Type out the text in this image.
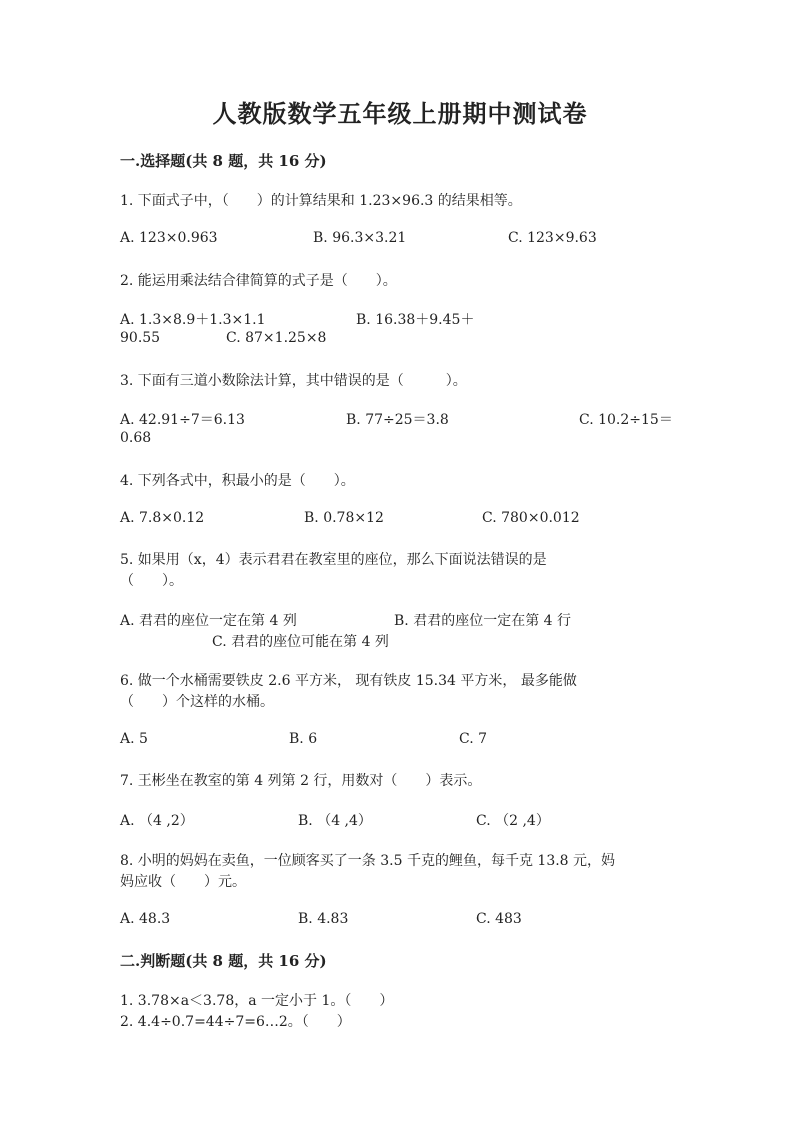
人教版数学五年级上册期中测试卷
一.选择题(共 8 题，共 16 分)
1. 下面式子中，（　　）的计算结果和 1.23×96.3 的结果相等。
A. 123×0.963	B. 96.3×3.21	C. 123×9.63
2. 能运用乘法结合律简算的式子是（　　）。
A. 1.3×8.9＋1.3×1.1	B. 16.38＋9.45＋
90.55	C. 87×1.25×8
3. 下面有三道小数除法计算，其中错误的是（　　　）。
A. 42.91÷7＝6.13	B. 77÷25＝3.8	C. 10.2÷15＝
0.68
4. 下列各式中，积最小的是（　　）。
A. 7.8×0.12	B. 0.78×12	C. 780×0.012
5. 如果用（x，4）表示君君在教室里的座位，那么下面说法错误的是
（　　）。
A. 君君的座位一定在第 4 列	B. 君君的座位一定在第 4 行
C. 君君的座位可能在第 4 列
6. 做一个水桶需要铁皮 2.6 平方米， 现有铁皮 15.34 平方米， 最多能做
（　　）个这样的水桶。
A. 5	B. 6	C. 7
7. 王彬坐在教室的第 4 列第 2 行，用数对（　　）表示。
A. （4 ,2）	B. （4 ,4）	C. （2 ,4）
8. 小明的妈妈在卖鱼，一位顾客买了一条 3.5 千克的鲤鱼，每千克 13.8 元，妈
妈应收（　　）元。
A. 48.3	B. 4.83	C. 483
二.判断题(共 8 题，共 16 分)
1. 3.78×a＜3.78，a 一定小于 1。（　　）
2. 4.4÷0.7=44÷7=6…2。（　　）
